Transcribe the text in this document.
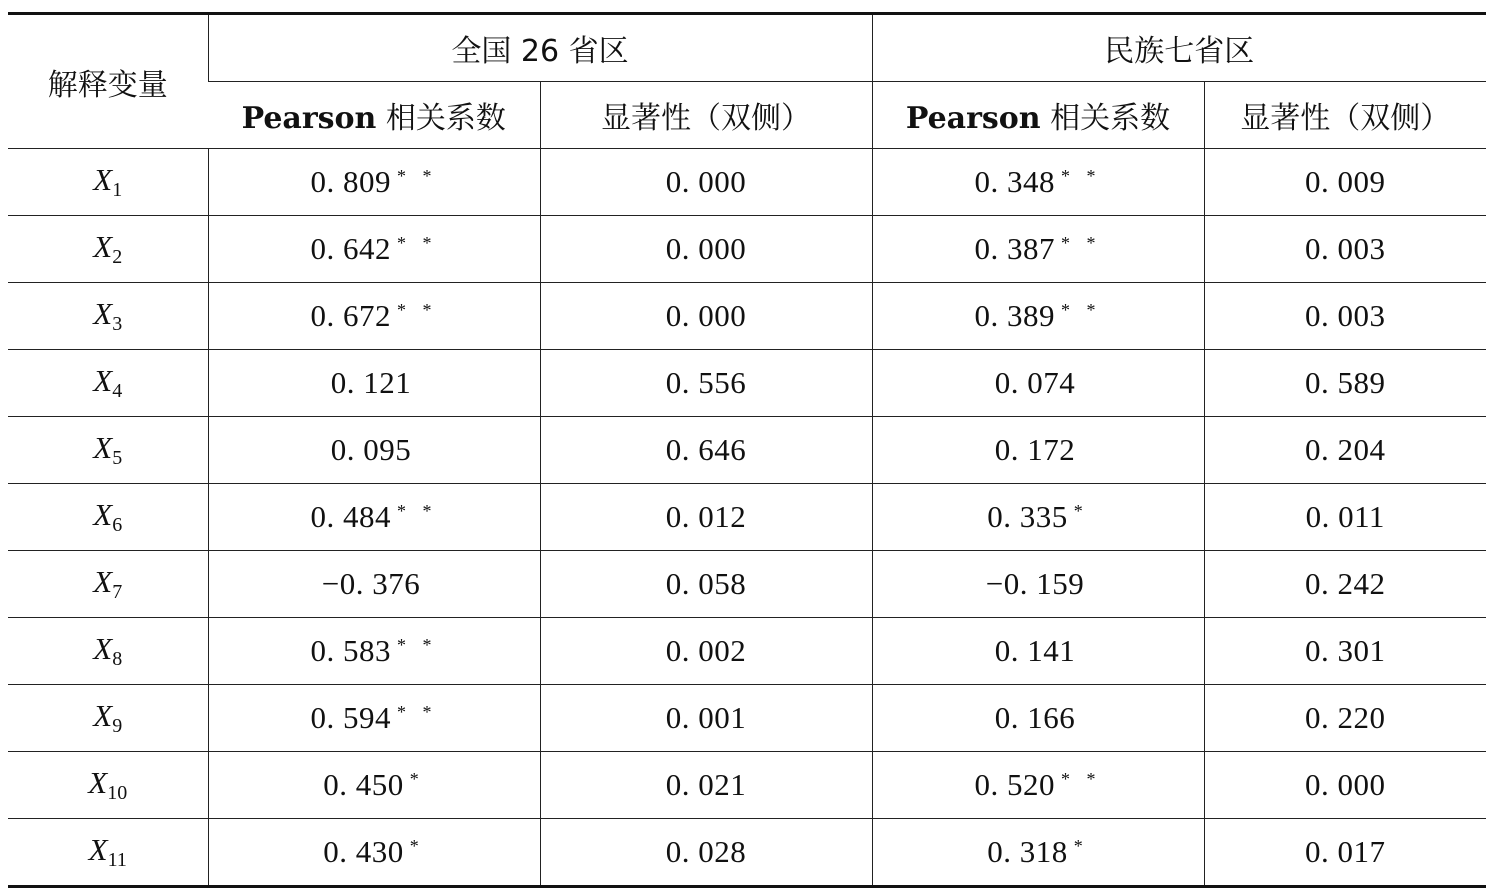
解释变量	全国 26 省区		民族七省区	
	Pearson 相关系数	显著性（双侧）	Pearson 相关系数	显著性（双侧）
$X_1$	0. 809 * *	0. 000	0. 348 * *	0. 009
$X_2$	0. 642 * *	0. 000	0. 387 * *	0. 003
$X_3$	0. 672 * *	0. 000	0. 389 * *	0. 003
$X_4$	0. 121	0. 556	0. 074	0. 589
$X_5$	0. 095	0. 646	0. 172	0. 204
$X_6$	0. 484 * *	0. 012	0. 335 *	0. 011
$X_7$	−0. 376	0. 058	−0. 159	0. 242
$X_8$	0. 583 * *	0. 002	0. 141	0. 301
$X_9$	0. 594 * *	0. 001	0. 166	0. 220
$X_{10}$	0. 450 *	0. 021	0. 520 * *	0. 000
$X_{11}$	0. 430 *	0. 028	0. 318 *	0. 017
